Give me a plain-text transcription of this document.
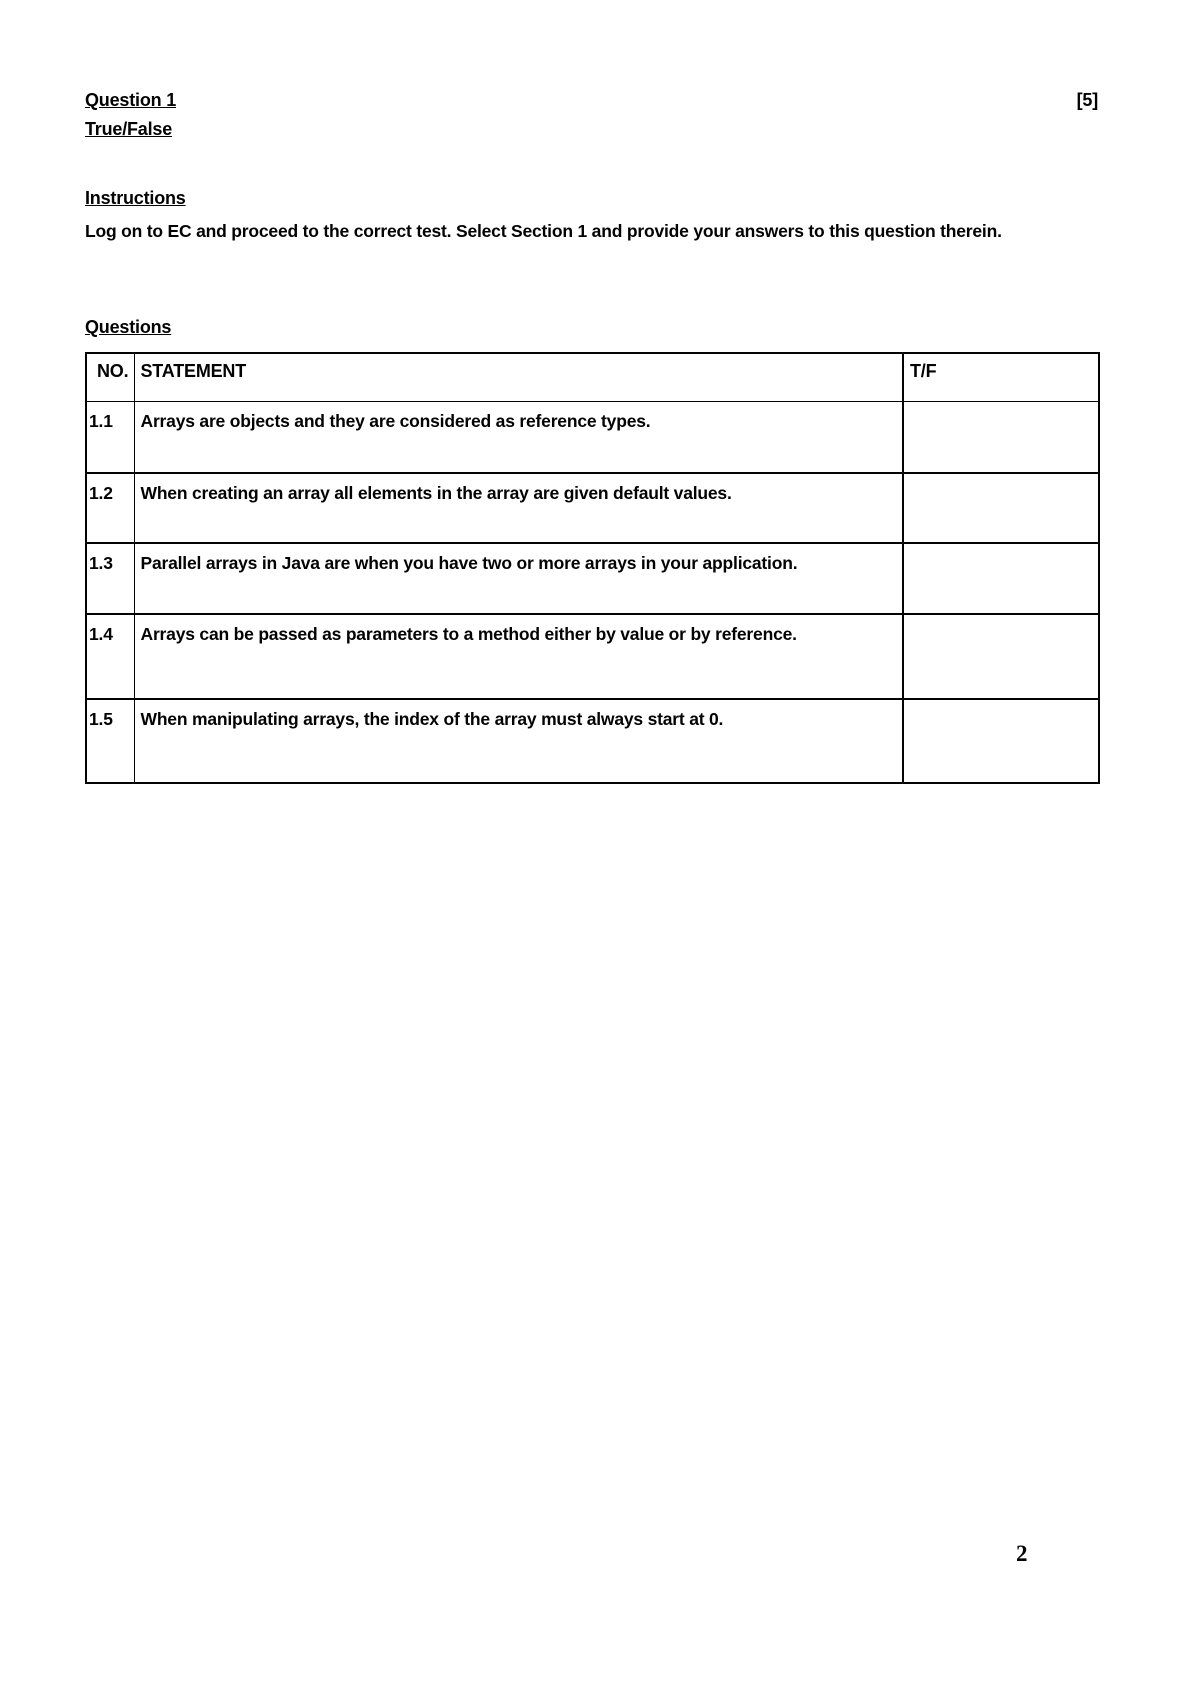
Question 1	[5]
True/False
Instructions
Log on to EC and proceed to the correct test. Select Section 1 and provide your answers to this question therein.
Questions
NO.	STATEMENT	T/F
1.1	Arrays are objects and they are considered as reference types.	

1.2	When creating an array all elements in the array are given default values.	

1.3	Parallel arrays in Java are when you have two or more arrays in your application.	

1.4	Arrays can be passed as parameters to a method either by value or by reference.	

1.5	When manipulating arrays, the index of the array must always start at 0.	

2
